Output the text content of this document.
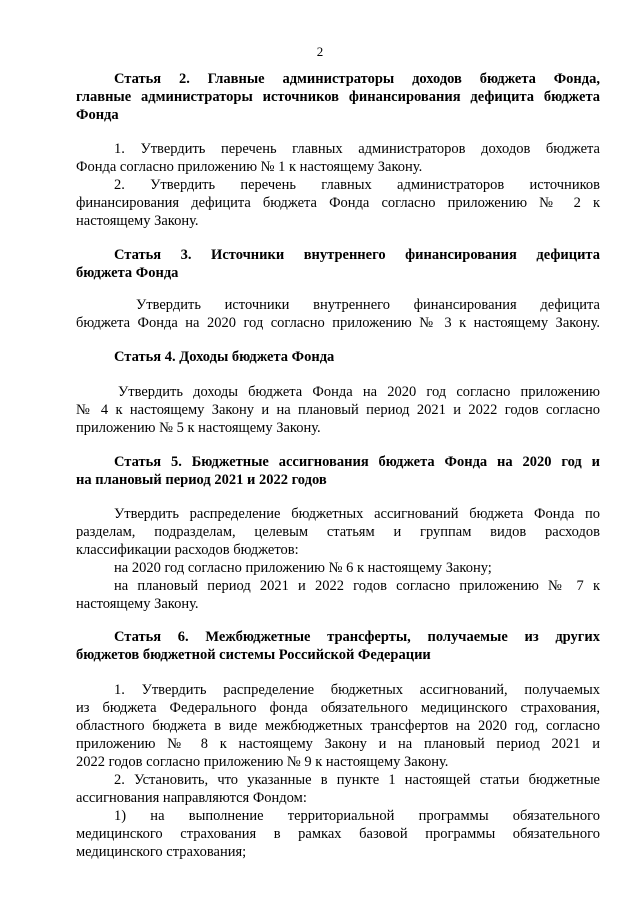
2
Статья 2. Главные администраторы доходов бюджета Фонда,
главные администраторы источников финансирования дефицита бюджета
Фонда
1. Утвердить перечень главных администраторов доходов бюджета
Фонда согласно приложению № 1 к настоящему Закону.
2. Утвердить перечень главных администраторов источников
финансирования дефицита бюджета Фонда согласно приложению № 2 к
настоящему Закону.
Статья 3. Источники внутреннего финансирования дефицита
бюджета Фонда
Утвердить источники внутреннего финансирования дефицита
бюджета Фонда на 2020 год согласно приложению № 3 к настоящему Закону.
Статья 4. Доходы бюджета Фонда
Утвердить доходы бюджета Фонда на 2020 год согласно приложению
№ 4 к настоящему Закону и на плановый период 2021 и 2022 годов согласно
приложению № 5 к настоящему Закону.
Статья 5. Бюджетные ассигнования бюджета Фонда на 2020 год и
на плановый период 2021 и 2022 годов
Утвердить распределение бюджетных ассигнований бюджета Фонда по
разделам, подразделам, целевым статьям и группам видов расходов
классификации расходов бюджетов:
на 2020 год согласно приложению № 6 к настоящему Закону;
на плановый период 2021 и 2022 годов согласно приложению № 7 к
настоящему Закону.
Статья 6. Межбюджетные трансферты, получаемые из других
бюджетов бюджетной системы Российской Федерации
1. Утвердить распределение бюджетных ассигнований, получаемых
из бюджета Федерального фонда обязательного медицинского страхования,
областного бюджета в виде межбюджетных трансфертов на 2020 год, согласно
приложению № 8 к настоящему Закону и на плановый период 2021 и
2022 годов согласно приложению № 9 к настоящему Закону.
2. Установить, что указанные в пункте 1 настоящей статьи бюджетные
ассигнования направляются Фондом:
1) на выполнение территориальной программы обязательного
медицинского страхования в рамках базовой программы обязательного
медицинского страхования;
